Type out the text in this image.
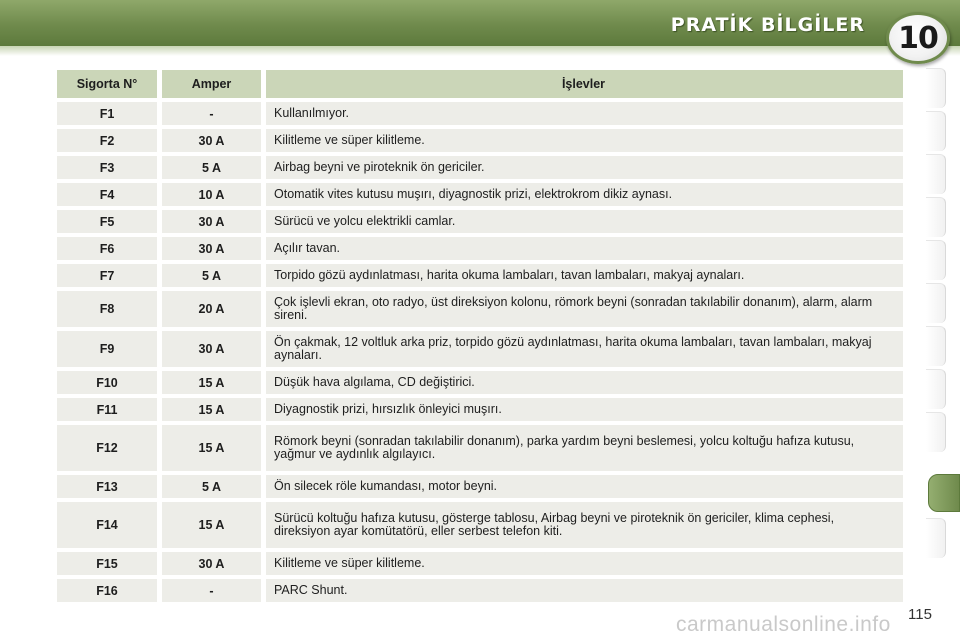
PRATİK BİLGİLER 10
Sigorta N°	Amper	İşlevler
F1	-	Kullanılmıyor.
F2	30 A	Kilitleme ve süper kilitleme.
F3	5 A	Airbag beyni ve piroteknik ön gericiler.
F4	10 A	Otomatik vites kutusu muşırı, diyagnostik prizi, elektrokrom dikiz aynası.
F5	30 A	Sürücü ve yolcu elektrikli camlar.
F6	30 A	Açılır tavan.
F7	5 A	Torpido gözü aydınlatması, harita okuma lambaları, tavan lambaları, makyaj aynaları.
F8	20 A	Çok işlevli ekran, oto radyo, üst direksiyon kolonu, römork beyni (sonradan takılabilir donanım), alarm, alarm sireni.
F9	30 A	Ön çakmak, 12 voltluk arka priz, torpido gözü aydınlatması, harita okuma lambaları, tavan lambaları, makyaj aynaları.
F10	15 A	Düşük hava algılama, CD değiştirici.
F11	15 A	Diyagnostik prizi, hırsızlık önleyici muşırı.
F12	15 A	Römork beyni (sonradan takılabilir donanım), parka yardım beyni beslemesi, yolcu koltuğu hafıza kutusu, yağmur ve aydınlık algılayıcı.
F13	5 A	Ön silecek röle kumandası, motor beyni.
F14	15 A	Sürücü koltuğu hafıza kutusu, gösterge tablosu, Airbag beyni ve piroteknik ön gericiler, klima cephesi, direksiyon ayar komütatörü, eller serbest telefon kiti.
F15	30 A	Kilitleme ve süper kilitleme.
F16	-	PARC Shunt.
115
carmanualsonline.info
